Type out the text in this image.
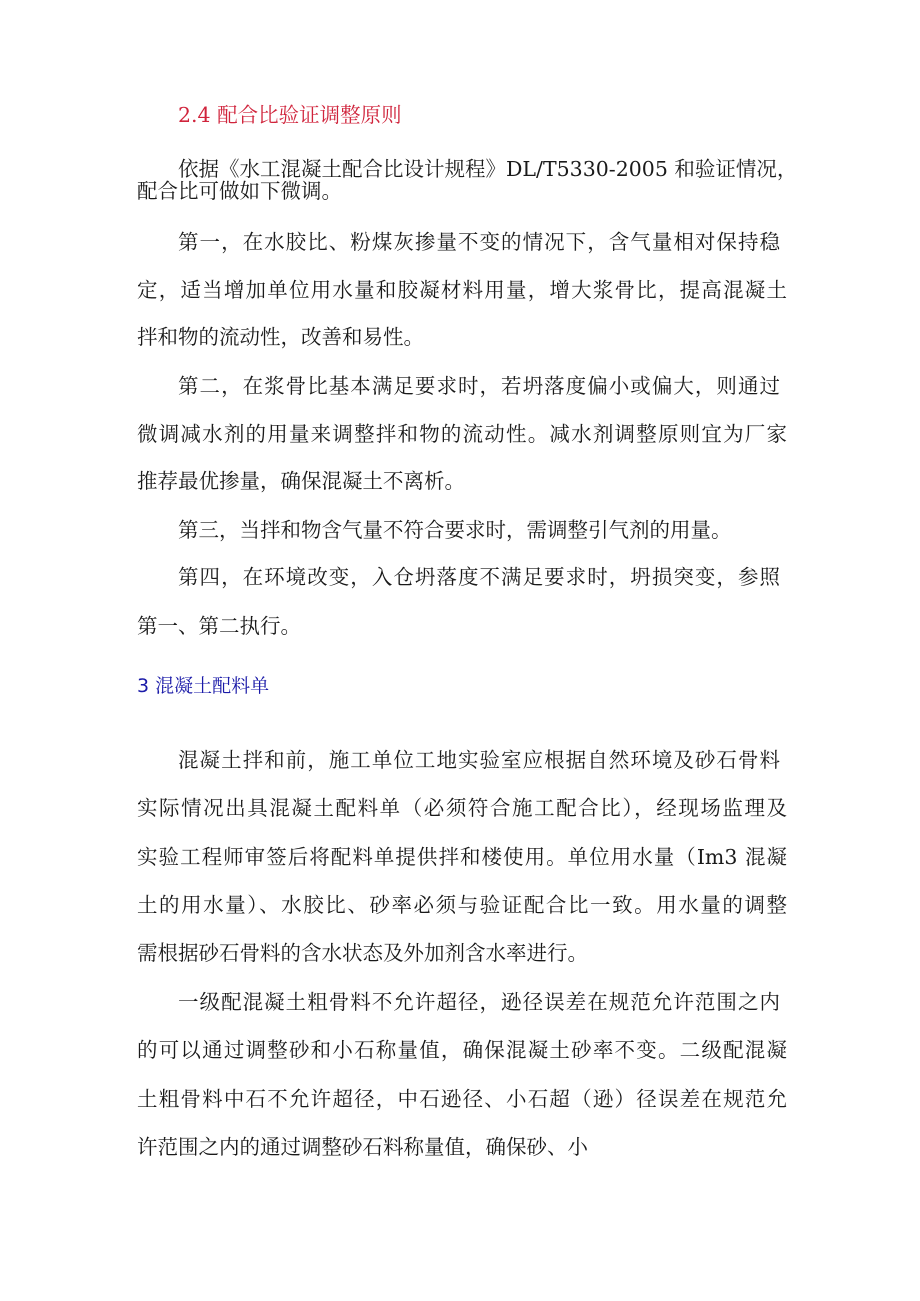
2.4 配合比验证调整原则

依据《水工混凝土配合比设计规程》DL/T5330-2005 和验证情况，

配合比可做如下微调。

第一，在水胶比、粉煤灰掺量不变的情况下，含气量相对保持稳

定，适当增加单位用水量和胶凝材料用量，增大浆骨比，提高混凝土

拌和物的流动性，改善和易性。

第二，在浆骨比基本满足要求时，若坍落度偏小或偏大，则通过

微调减水剂的用量来调整拌和物的流动性。减水剂调整原则宜为厂家

推荐最优掺量，确保混凝土不离析。

第三，当拌和物含气量不符合要求时，需调整引气剂的用量。

第四，在环境改变，入仓坍落度不满足要求时，坍损突变，参照

第一、第二执行。

3 混凝土配料单

混凝土拌和前，施工单位工地实验室应根据自然环境及砂石骨料

实际情况出具混凝土配料单（必须符合施工配合比），经现场监理及

实验工程师审签后将配料单提供拌和楼使用。单位用水量（Im3 混凝

土的用水量）、水胶比、砂率必须与验证配合比一致。用水量的调整

需根据砂石骨料的含水状态及外加剂含水率进行。

一级配混凝土粗骨料不允许超径，逊径误差在规范允许范围之内

的可以通过调整砂和小石称量值，确保混凝土砂率不变。二级配混凝

土粗骨料中石不允许超径，中石逊径、小石超（逊）径误差在规范允

许范围之内的通过调整砂石料称量值，确保砂、小
